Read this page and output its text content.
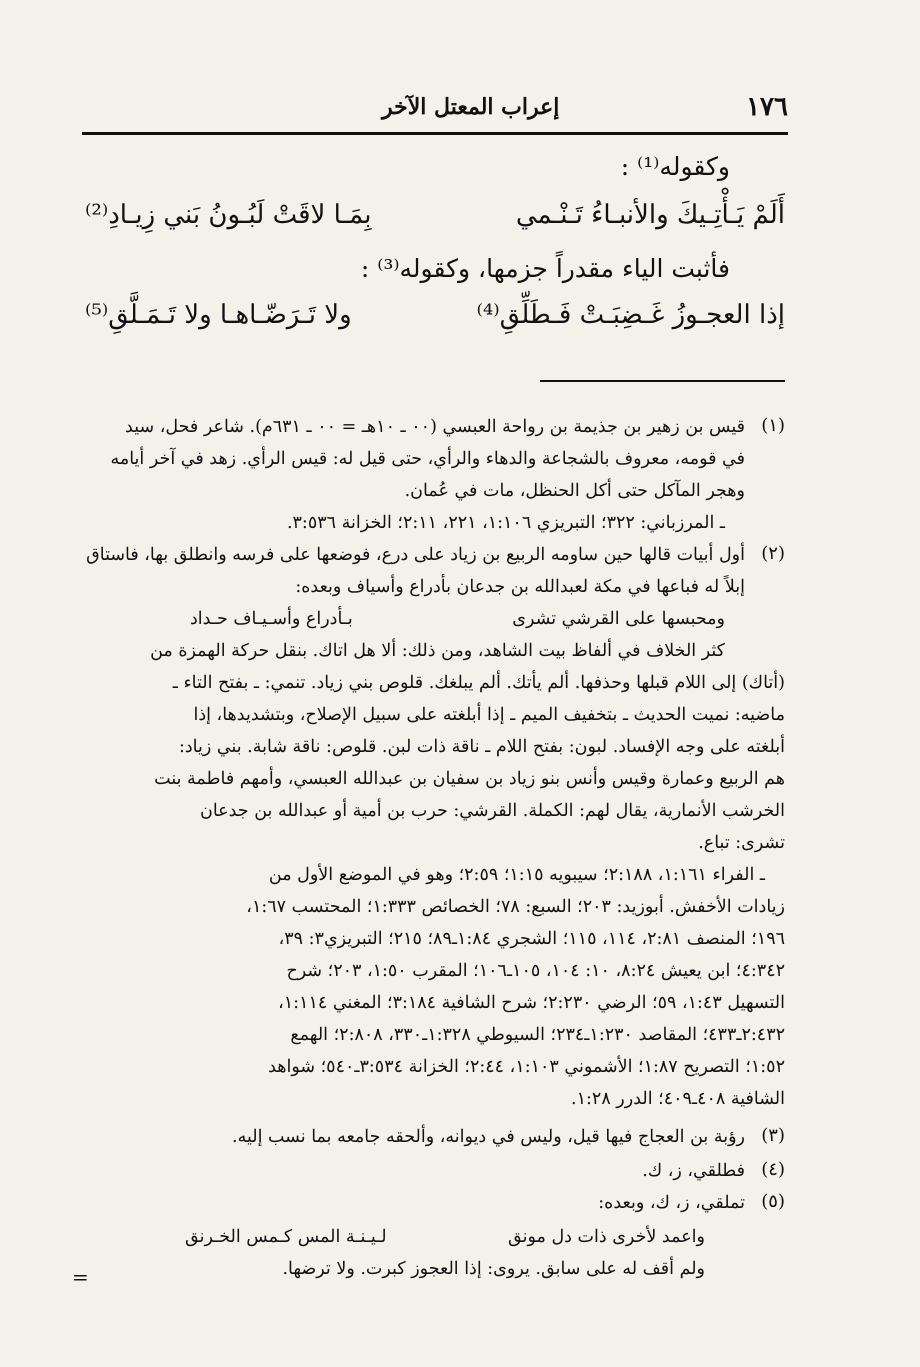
١٧٦
إعراب المعتل الآخر
وكقوله⁽¹⁾ :
أَلَمْ يَـأْتِـيكَ والأنبـاءُ تَـنْـمي
بِمَـا لاقَتْ لَبُـونُ بَني زِيـادِ⁽²⁾
فأثبت الياء مقدراً جزمها، وكقوله⁽³⁾ :
إذا العجـوزُ غَـضِبَـتْ فَـطَلِّقِ⁽⁴⁾
ولا تَـرَضّـاهـا ولا تَـمَـلَّقِ⁽⁵⁾
(١)
قيس بن زهير بن جذيمة بن رواحة العبسي (٠٠ ـ ١٠هـ = ٠٠ ـ ٦٣١م). شاعر فحل، سيد
في قومه، معروف بالشجاعة والدهاء والرأي، حتى قيل له: قيس الرأي. زهد في آخر أيامه
وهجر المآكل حتى أكل الحنظل، مات في عُمان.
ـ المرزباني: ٣٢٢؛ التبريزي ١:١٠٦، ٢٢١، ٢:١١؛ الخزانة ٣:٥٣٦.
(٢)
أول أبيات قالها حين ساومه الربيع بن زياد على درع، فوضعها على فرسه وانطلق بها، فاستاق
إبلاً له فباعها في مكة لعبدالله بن جدعان بأدراع وأسياف وبعده:
ومحبسها على القرشي تشرى
بـأدراع وأسـيـاف حـداد
كثر الخلاف في ألفاظ بيت الشاهد، ومن ذلك: ألا هل اتاك. بنقل حركة الهمزة من
(أتاك) إلى اللام قبلها وحذفها. ألم يأتك. ألم يبلغك. قلوص بني زياد. تنمي: ـ بفتح التاء ـ
ماضيه: نميت الحديث ـ بتخفيف الميم ـ إذا أبلغته على سبيل الإصلاح، وبتشديدها، إذا
أبلغته على وجه الإفساد. لبون: بفتح اللام ـ ناقة ذات لبن. قلوص: ناقة شابة. بني زياد:
هم الربيع وعمارة وقيس وأنس بنو زياد بن سفيان بن عبدالله العبسي، وأمهم فاطمة بنت
الخرشب الأنمارية، يقال لهم: الكملة. القرشي: حرب بن أمية أو عبدالله بن جدعان
تشرى: تباع.
ـ الفراء ١:١٦١، ٢:١٨٨؛ سيبويه ١:١٥؛ ٢:٥٩؛ وهو في الموضع الأول من
زيادات الأخفش. أبوزيد: ٢٠٣؛ السبع: ٧٨؛ الخصائص ١:٣٣٣؛ المحتسب ١:٦٧،
١٩٦؛ المنصف ٢:٨١، ١١٤، ١١٥؛ الشجري ١:٨٤ـ٨٩؛ ٢١٥؛ التبريزي٣: ٣٩،
٤:٣٤٢؛ ابن يعيش ٨:٢٤، ١٠: ١٠٤، ١٠٥ـ١٠٦؛ المقرب ١:٥٠، ٢٠٣؛ شرح
التسهيل ١:٤٣، ٥٩؛ الرضي ٢:٢٣٠؛ شرح الشافية ٣:١٨٤؛ المغني ١:١١٤،
٢:٤٣٢ـ٤٣٣؛ المقاصد ١:٢٣٠ـ٢٣٤؛ السيوطي ١:٣٢٨ـ٣٣٠، ٢:٨٠٨؛ الهمع
١:٥٢؛ التصريح ١:٨٧؛ الأشموني ١:١٠٣، ٢:٤٤؛ الخزانة ٣:٥٣٤ـ٥٤٠؛ شواهد
الشافية ٤٠٨ـ٤٠٩؛ الدرر ١:٢٨.
(٣)
رؤبة بن العجاج فيها قيل، وليس في ديوانه، وألحقه جامعه بما نسب إليه.
(٤)
فطلقي، ز، ك.
(٥)
تملقي، ز، ك، وبعده:
واعمد لأخرى ذات دل مونق
لـيـنـة المس كـمس الخـرنق
ولم أقف له على سابق. يروى: إذا العجوز كبرت. ولا ترضها.
=
